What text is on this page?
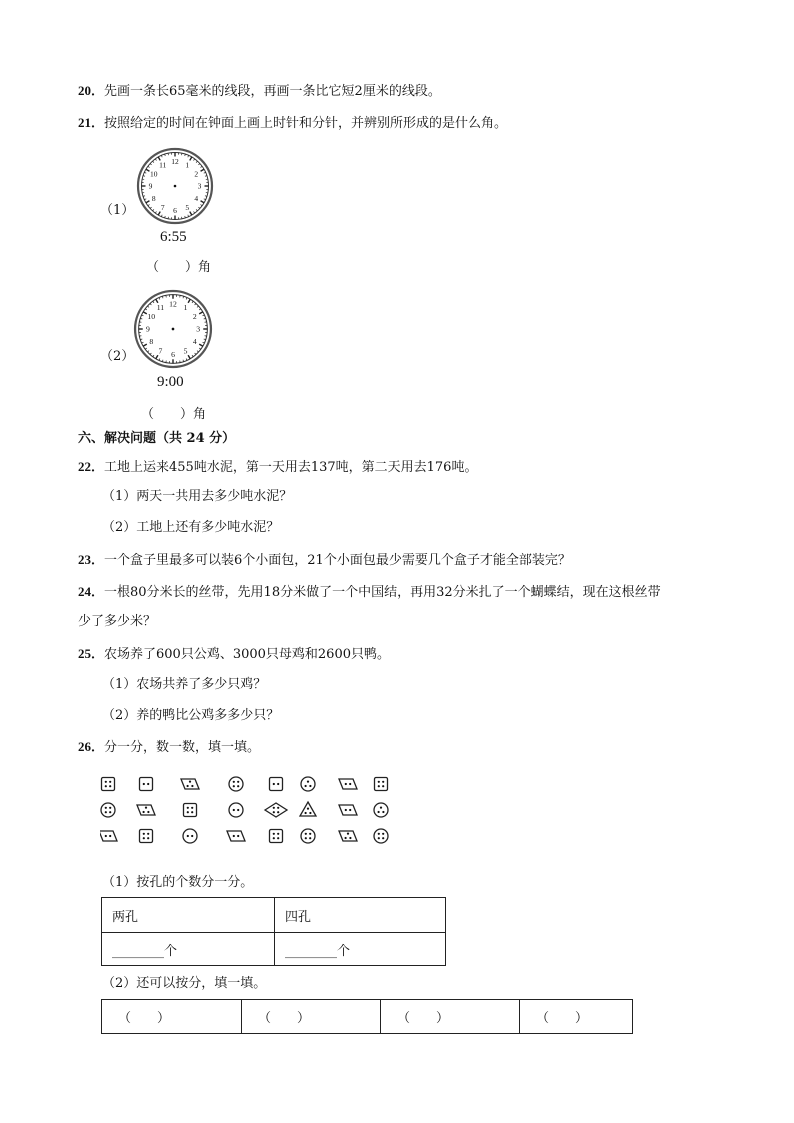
20．先画一条长65毫米的线段，再画一条比它短2厘米的线段。
21．按照给定的时间在钟面上画上时针和分针，并辨别所形成的是什么角。
（1）
12 1
2
3
4
5
6
7
8
9
10
11
6:55
（　　）角
（2）
12 1
2
3
4
5
6
7
8
9
10
11
9:00
（　　）角
六、解决问题（共 24 分）
22．工地上运来455吨水泥，第一天用去137吨，第二天用去176吨。
（1）两天一共用去多少吨水泥？
（2）工地上还有多少吨水泥？
23．一个盒子里最多可以装6个小面包，21个小面包最少需要几个盒子才能全部装完？
24．一根80分米长的丝带，先用18分米做了一个中国结，再用32分米扎了一个蝴蝶结，现在这根丝带
少了多少米？
25．农场养了600只公鸡、3000只母鸡和2600只鸭。
（1）农场共养了多少只鸡？
（2）养的鸭比公鸡多多少只？
26．分一分，数一数，填一填。
（1）按孔的个数分一分。
两孔	四孔
________个	________个
（2）还可以按分，填一填。
（　　）	（　　）	（　　）	（　　）
